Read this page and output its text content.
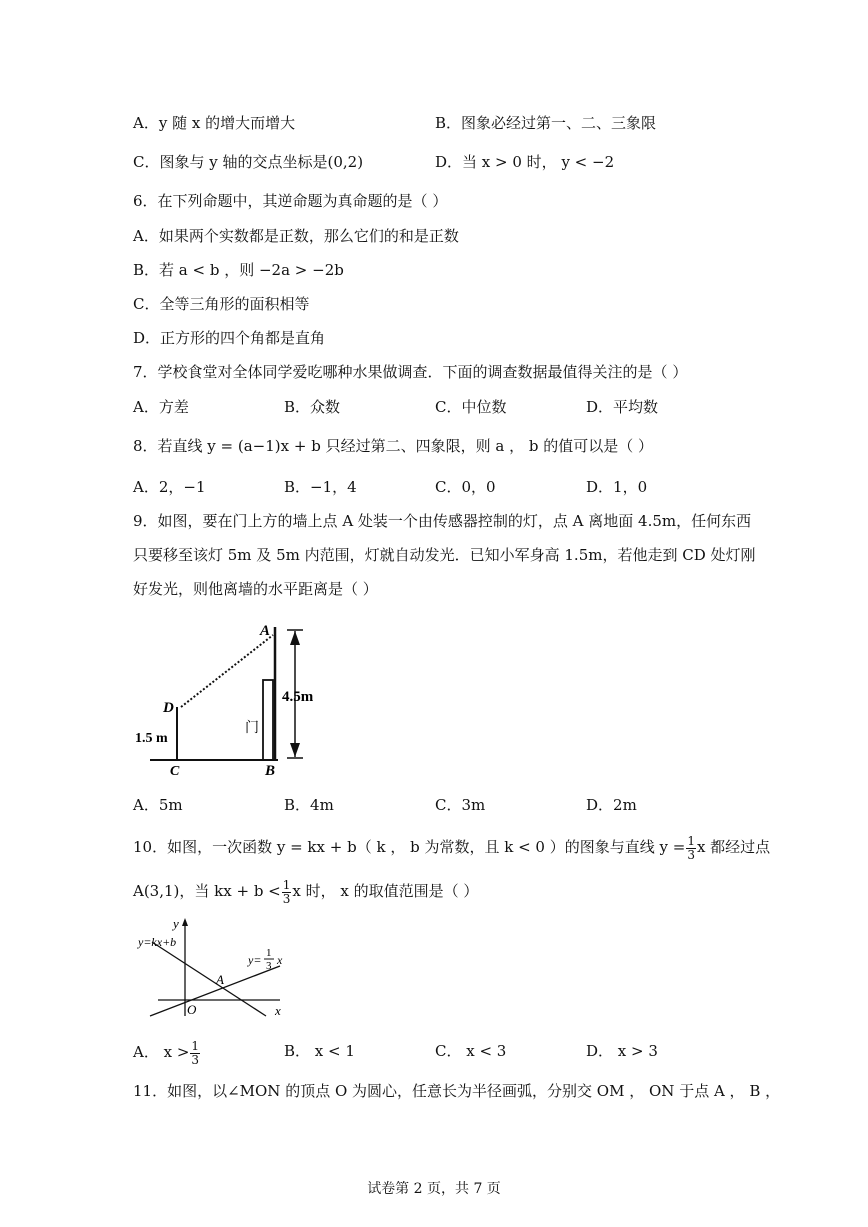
A．y 随 x 的增大而增大	B．图象必经过第一、二、三象限
C．图象与 y 轴的交点坐标是(0,2)	D．当 x > 0 时， y < −2
6．在下列命题中，其逆命题为真命题的是（ ）
A．如果两个实数都是正数，那么它们的和是正数
B．若 a < b ，则 −2a > −2b
C．全等三角形的面积相等
D．正方形的四个角都是直角
7．学校食堂对全体同学爱吃哪种水果做调查．下面的调查数据最值得关注的是（ ）
A．方差	B．众数	C．中位数	D．平均数
8．若直线 y = (a−1)x + b 只经过第二、四象限，则 a ， b 的值可以是（ ）
A．2，−1	B．−1，4	C．0，0	D．1，0
9．如图，要在门上方的墙上点 A 处装一个由传感器控制的灯，点 A 离地面 4.5m，任何东西
只要移至该灯 5m 及 5m 内范围，灯就自动发光．已知小军身高 1.5m，若他走到 CD 处灯刚
好发光，则他离墙的水平距离是（ ）
A
D
C	B
4.5m
1.5 m
门
A．5m	B．4m	C．3m	D．2m
10．如图，一次函数 y = kx + b（ k ， b 为常数，且 k < 0 ）的图象与直线 $y = \frac{1}{3}$ x 都经过点
A(3,1)，当 kx + $b < \frac{1}{3}$ x 时， x 的取值范围是（ ）
y
x
O
A
y=kx+b
y= 1
3 x
A． $x > \frac{1}{3}$	B． x < 1	C． x < 3	D． x > 3
11．如图，以∠MON 的顶点 O 为圆心，任意长为半径画弧，分别交 OM ， ON 于点 A ， B ，
试卷第 2 页，共 7 页
